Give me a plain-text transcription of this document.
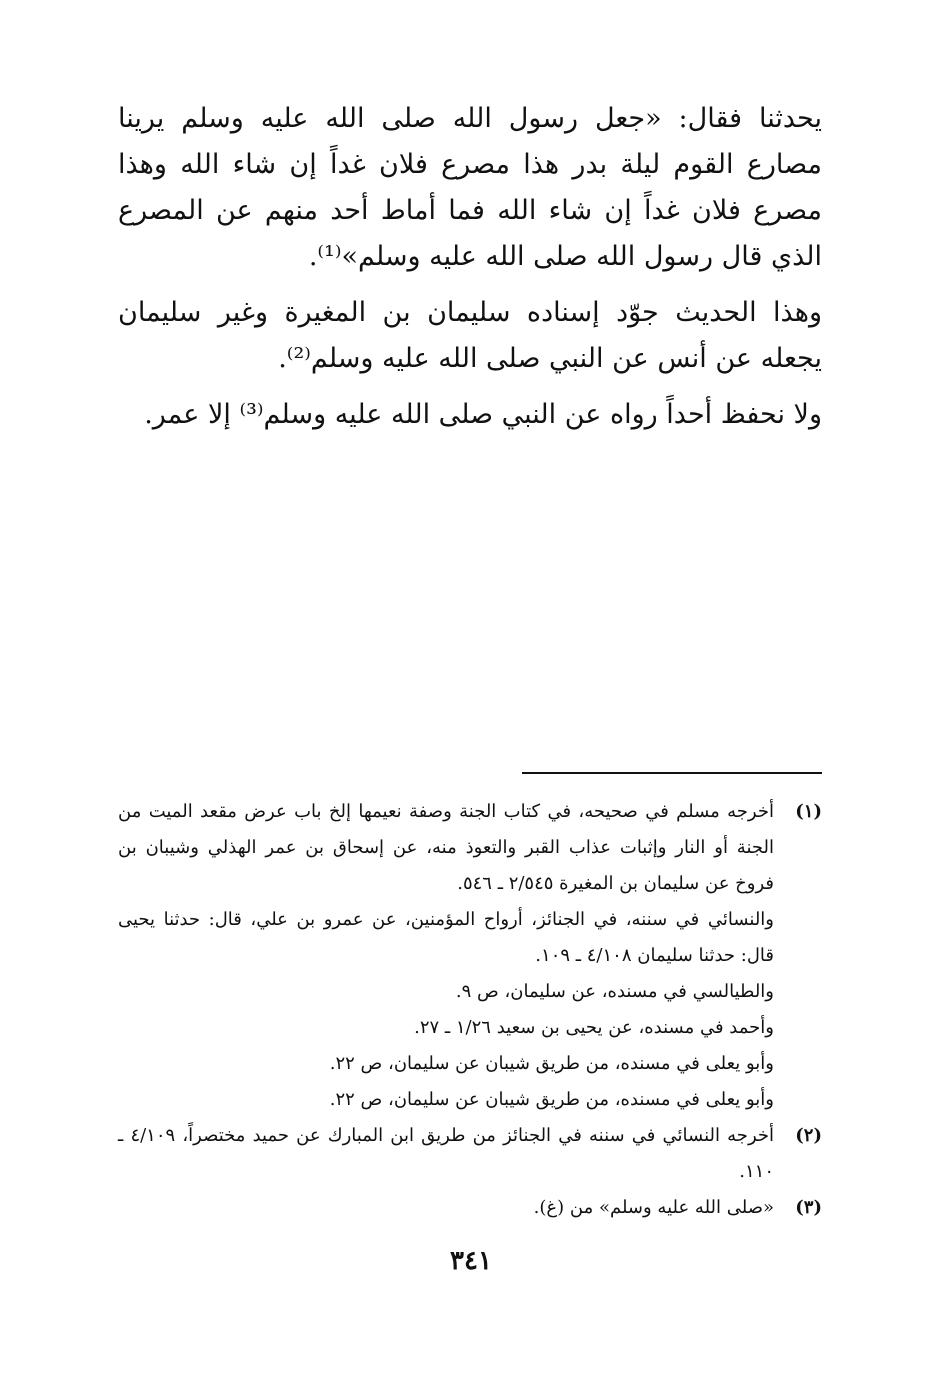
يحدثنا فقال: «جعل رسول الله صلى الله عليه وسلم يرينا مصارع القوم ليلة بدر هذا مصرع فلان غداً إن شاء الله وهذا مصرع فلان غداً إن شاء الله فما أماط أحد منهم عن المصرع الذي قال رسول الله صلى الله عليه وسلم»⁽¹⁾.

وهذا الحديث جوّد إسناده سليمان بن المغيرة وغير سليمان يجعله عن أنس عن النبي صلى الله عليه وسلم⁽²⁾.

ولا نحفظ أحداً رواه عن النبي صلى الله عليه وسلم⁽³⁾ إلا عمر.

(١)
أخرجه مسلم في صحيحه، في كتاب الجنة وصفة نعيمها إلخ باب عرض مقعد الميت من الجنة أو النار وإثبات عذاب القبر والتعوذ منه، عن إسحاق بن عمر الهذلي وشيبان بن فروخ عن سليمان بن المغيرة ٢/٥٤٥ ـ ٥٤٦.
والنسائي في سننه، في الجنائز، أرواح المؤمنين، عن عمرو بن علي، قال: حدثنا يحيى قال: حدثنا سليمان ٤/١٠٨ ـ ١٠٩.
والطيالسي في مسنده، عن سليمان، ص ٩.
وأحمد في مسنده، عن يحيى بن سعيد ١/٢٦ ـ ٢٧.
وأبو يعلى في مسنده، من طريق شيبان عن سليمان، ص ٢٢.
وأبو يعلى في مسنده، من طريق شيبان عن سليمان، ص ٢٢.
(٢)
أخرجه النسائي في سننه في الجنائز من طريق ابن المبارك عن حميد مختصراً، ٤/١٠٩ ـ ١١٠.
(٣)
«صلى الله عليه وسلم» من (غ).
٣٤١
